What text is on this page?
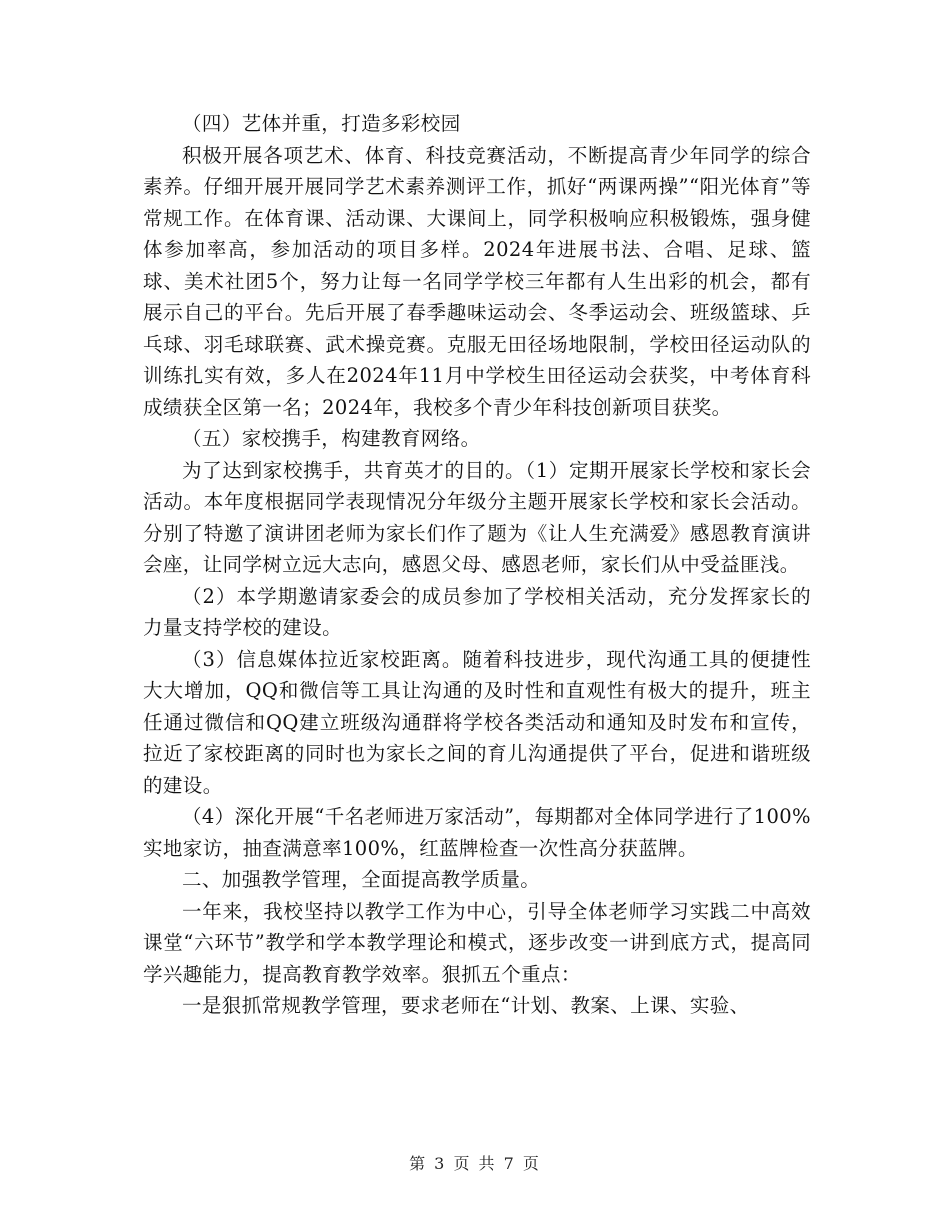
（四）艺体并重，打造多彩校园

积极开展各项艺术、体育、科技竞赛活动，不断提高青少年同学的综合素养。仔细开展开展同学艺术素养测评工作，抓好“两课两操”“阳光体育”等常规工作。在体育课、活动课、大课间上，同学积极响应积极锻炼，强身健体参加率高，参加活动的项目多样。2024年进展书法、合唱、足球、篮球、美术社团5个，努力让每一名同学学校三年都有人生出彩的机会，都有展示自己的平台。先后开展了春季趣味运动会、冬季运动会、班级篮球、乒乓球、羽毛球联赛、武术操竞赛。克服无田径场地限制，学校田径运动队的训练扎实有效，多人在2024年11月中学校生田径运动会获奖，中考体育科成绩获全区第一名；2024年，我校多个青少年科技创新项目获奖。

（五）家校携手，构建教育网络。

为了达到家校携手，共育英才的目的。（1）定期开展家长学校和家长会活动。本年度根据同学表现情况分年级分主题开展家长学校和家长会活动。分别了特邀了演讲团老师为家长们作了题为《让人生充满爱》感恩教育演讲会座，让同学树立远大志向，感恩父母、感恩老师，家长们从中受益匪浅。

（2）本学期邀请家委会的成员参加了学校相关活动，充分发挥家长的力量支持学校的建设。

（3）信息媒体拉近家校距离。随着科技进步，现代沟通工具的便捷性大大增加，QQ和微信等工具让沟通的及时性和直观性有极大的提升，班主任通过微信和QQ建立班级沟通群将学校各类活动和通知及时发布和宣传，拉近了家校距离的同时也为家长之间的育儿沟通提供了平台，促进和谐班级的建设。

（4）深化开展“千名老师进万家活动”，每期都对全体同学进行了100%实地家访，抽查满意率100%，红蓝牌检查一次性高分获蓝牌。

二、加强教学管理，全面提高教学质量。

一年来，我校坚持以教学工作为中心，引导全体老师学习实践二中高效课堂“六环节”教学和学本教学理论和模式，逐步改变一讲到底方式，提高同学兴趣能力，提高教育教学效率。狠抓五个重点：

一是狠抓常规教学管理，要求老师在“计划、教案、上课、实验、

第 3 页 共 7 页
